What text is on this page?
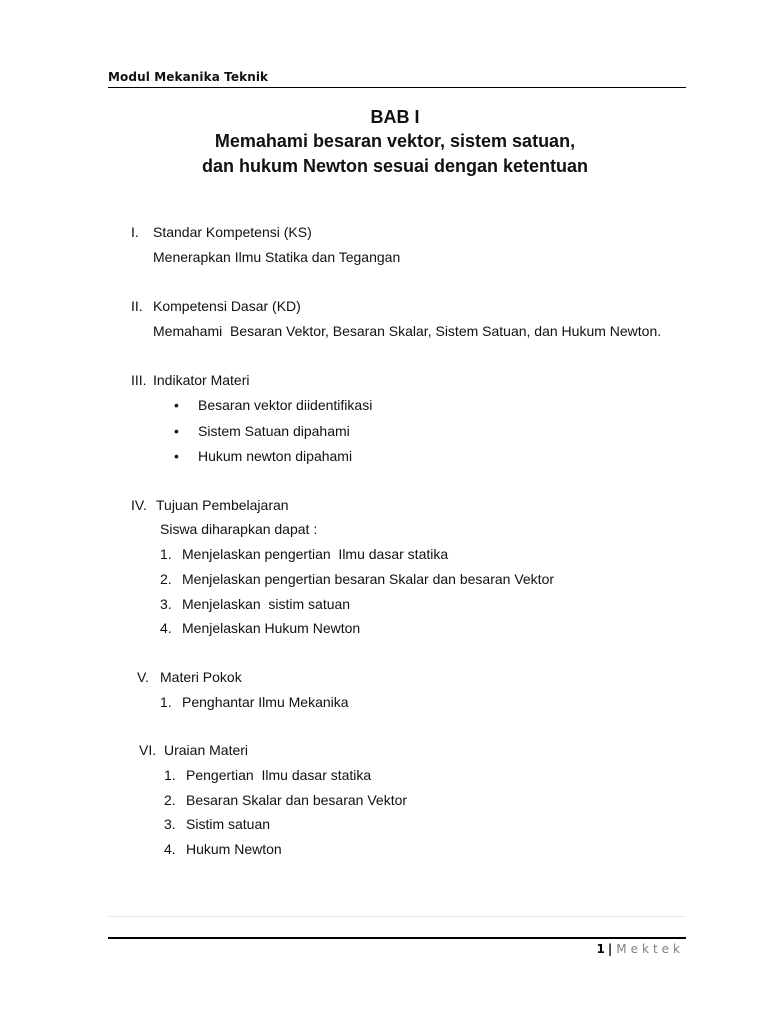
Modul Mekanika Teknik
BAB I
Memahami besaran vektor, sistem satuan,
dan hukum Newton sesuai dengan ketentuan
I. Standar Kompetensi (KS)
Menerapkan Ilmu Statika dan Tegangan
II. Kompetensi Dasar (KD)
Memahami  Besaran Vektor, Besaran Skalar, Sistem Satuan, dan Hukum Newton.
III. Indikator Materi
• Besaran vektor diidentifikasi
• Sistem Satuan dipahami
• Hukum newton dipahami
IV. Tujuan Pembelajaran
Siswa diharapkan dapat :
1. Menjelaskan pengertian  Ilmu dasar statika
2. Menjelaskan pengertian besaran Skalar dan besaran Vektor
3. Menjelaskan  sistim satuan
4. Menjelaskan Hukum Newton
V. Materi Pokok
1. Penghantar Ilmu Mekanika
VI. Uraian Materi
1. Pengertian  Ilmu dasar statika
2. Besaran Skalar dan besaran Vektor
3. Sistim satuan
4. Hukum Newton
1 | Mektek
